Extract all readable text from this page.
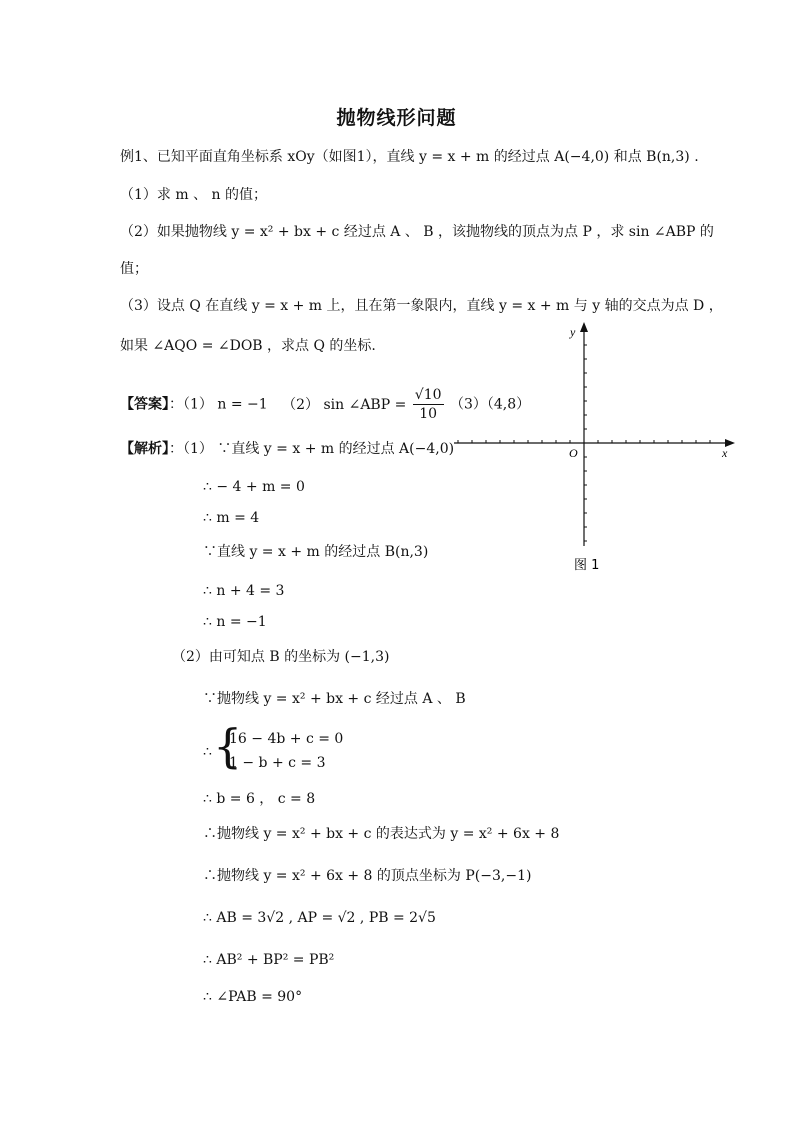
抛物线形问题
例1、已知平面直角坐标系 xOy（如图1），直线 y = x + m 的经过点 A(−4,0) 和点 B(n,3) .
（1）求 m 、 n 的值；
（2）如果抛物线 y = x² + bx + c 经过点 A 、 B ，该抛物线的顶点为点 P ，求 sin ∠ABP 的
值；
（3）设点 Q 在直线 y = x + m 上，且在第一象限内，直线 y = x + m 与 y 轴的交点为点 D ，
如果 ∠AQO = ∠DOB ，求点 Q 的坐标.
【答案】：（1） n = −1 （2） sin ∠ABP = $\frac{√10}{10} (3)(4,8)$
【解析】：（1） ∵直线 y = x + m 的经过点 A(−4,0)
∴ − 4 + m = 0
∴ m = 4
∵直线 y = x + m 的经过点 B(n,3)
∴ n + 4 = 3
∴ n = −1
（2）由可知点 B 的坐标为 (−1,3)
∵抛物线 y = x² + bx + c 经过点 A 、 B
∴ {
16 − 4b + c = 0
1 − b + c = 3
∴ b = 6 ， c = 8
∴抛物线 y = x² + bx + c 的表达式为 y = x² + 6x + 8
∴抛物线 y = x² + 6x + 8 的顶点坐标为 P(−3,−1)
∴ AB = 3√2 , AP = √2 , PB = 2√5
∴ AB² + BP² = PB²
∴ ∠PAB = 90°
y
x
O
图 1
